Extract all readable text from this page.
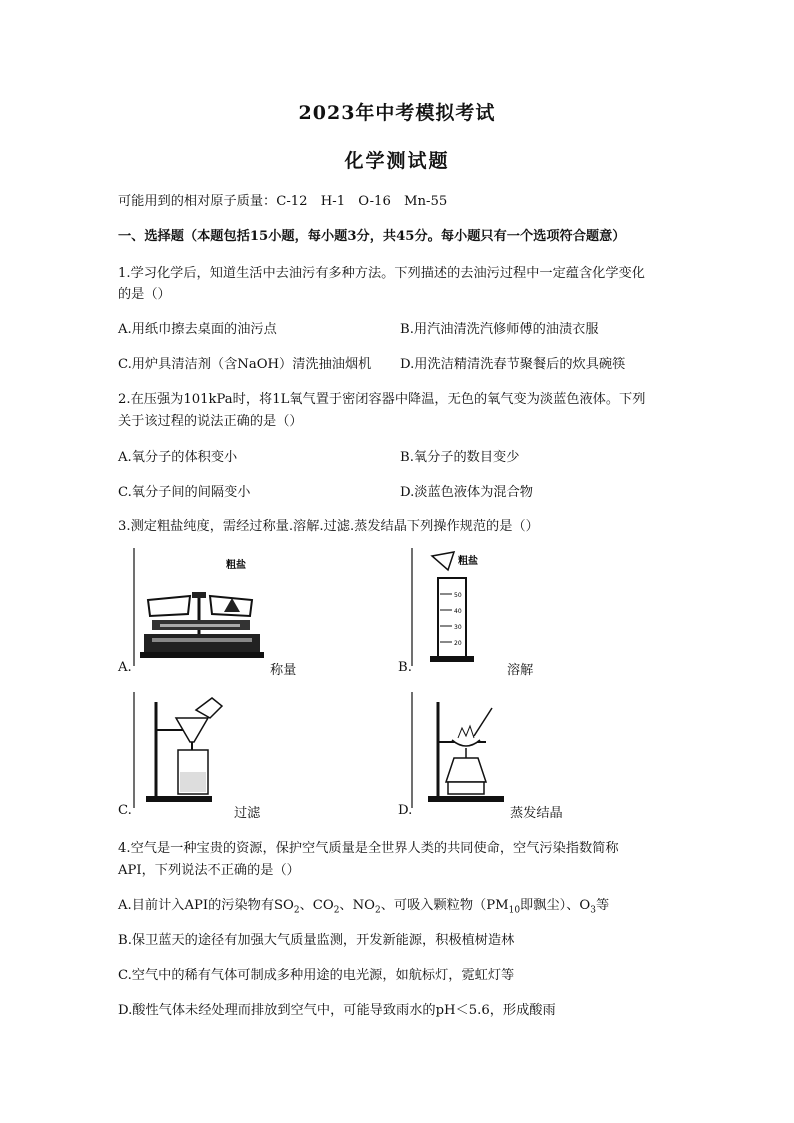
2023年中考模拟考试
化学测试题
可能用到的相对原子质量：C-12　H-1　O-16　Mn-55
一、选择题（本题包括15小题，每小题3分，共45分。每小题只有一个选项符合题意）
1.学习化学后，知道生活中去油污有多种方法。下列描述的去油污过程中一定蕴含化学变化
的是（）
A.用纸巾擦去桌面的油污点	B.用汽油清洗汽修师傅的油渍衣服
C.用炉具清洁剂（含NaOH）清洗抽油烟机 D.用洗洁精清洗春节聚餐后的炊具碗筷
2.在压强为101kPa时，将1L氧气置于密闭容器中降温，无色的氧气变为淡蓝色液体。下列
关于该过程的说法正确的是（）
A.氧分子的体积变小	B.氧分子的数目变少
C.氧分子间的间隔变小	D.淡蓝色液体为混合物
3.测定粗盐纯度，需经过称量.溶解.过滤.蒸发结晶下列操作规范的是（）
粗盐
A.	称量
粗盐
50
40
30
20
B.	溶解
C.	过滤	D.	蒸发结晶
4.空气是一种宝贵的资源，保护空气质量是全世界人类的共同使命，空气污染指数简称
API，下列说法不正确的是（）
A.目前计入API的污染物有$SO_2$、$CO_2$、$NO_2$、可吸入颗粒物（$PM_{10}$即飘尘）、$O_3$等
B.保卫蓝天的途径有加强大气质量监测，开发新能源，积极植树造林
C.空气中的稀有气体可制成多种用途的电光源，如航标灯，霓虹灯等
D.酸性气体未经处理而排放到空气中，可能导致雨水的pH＜5.6，形成酸雨
